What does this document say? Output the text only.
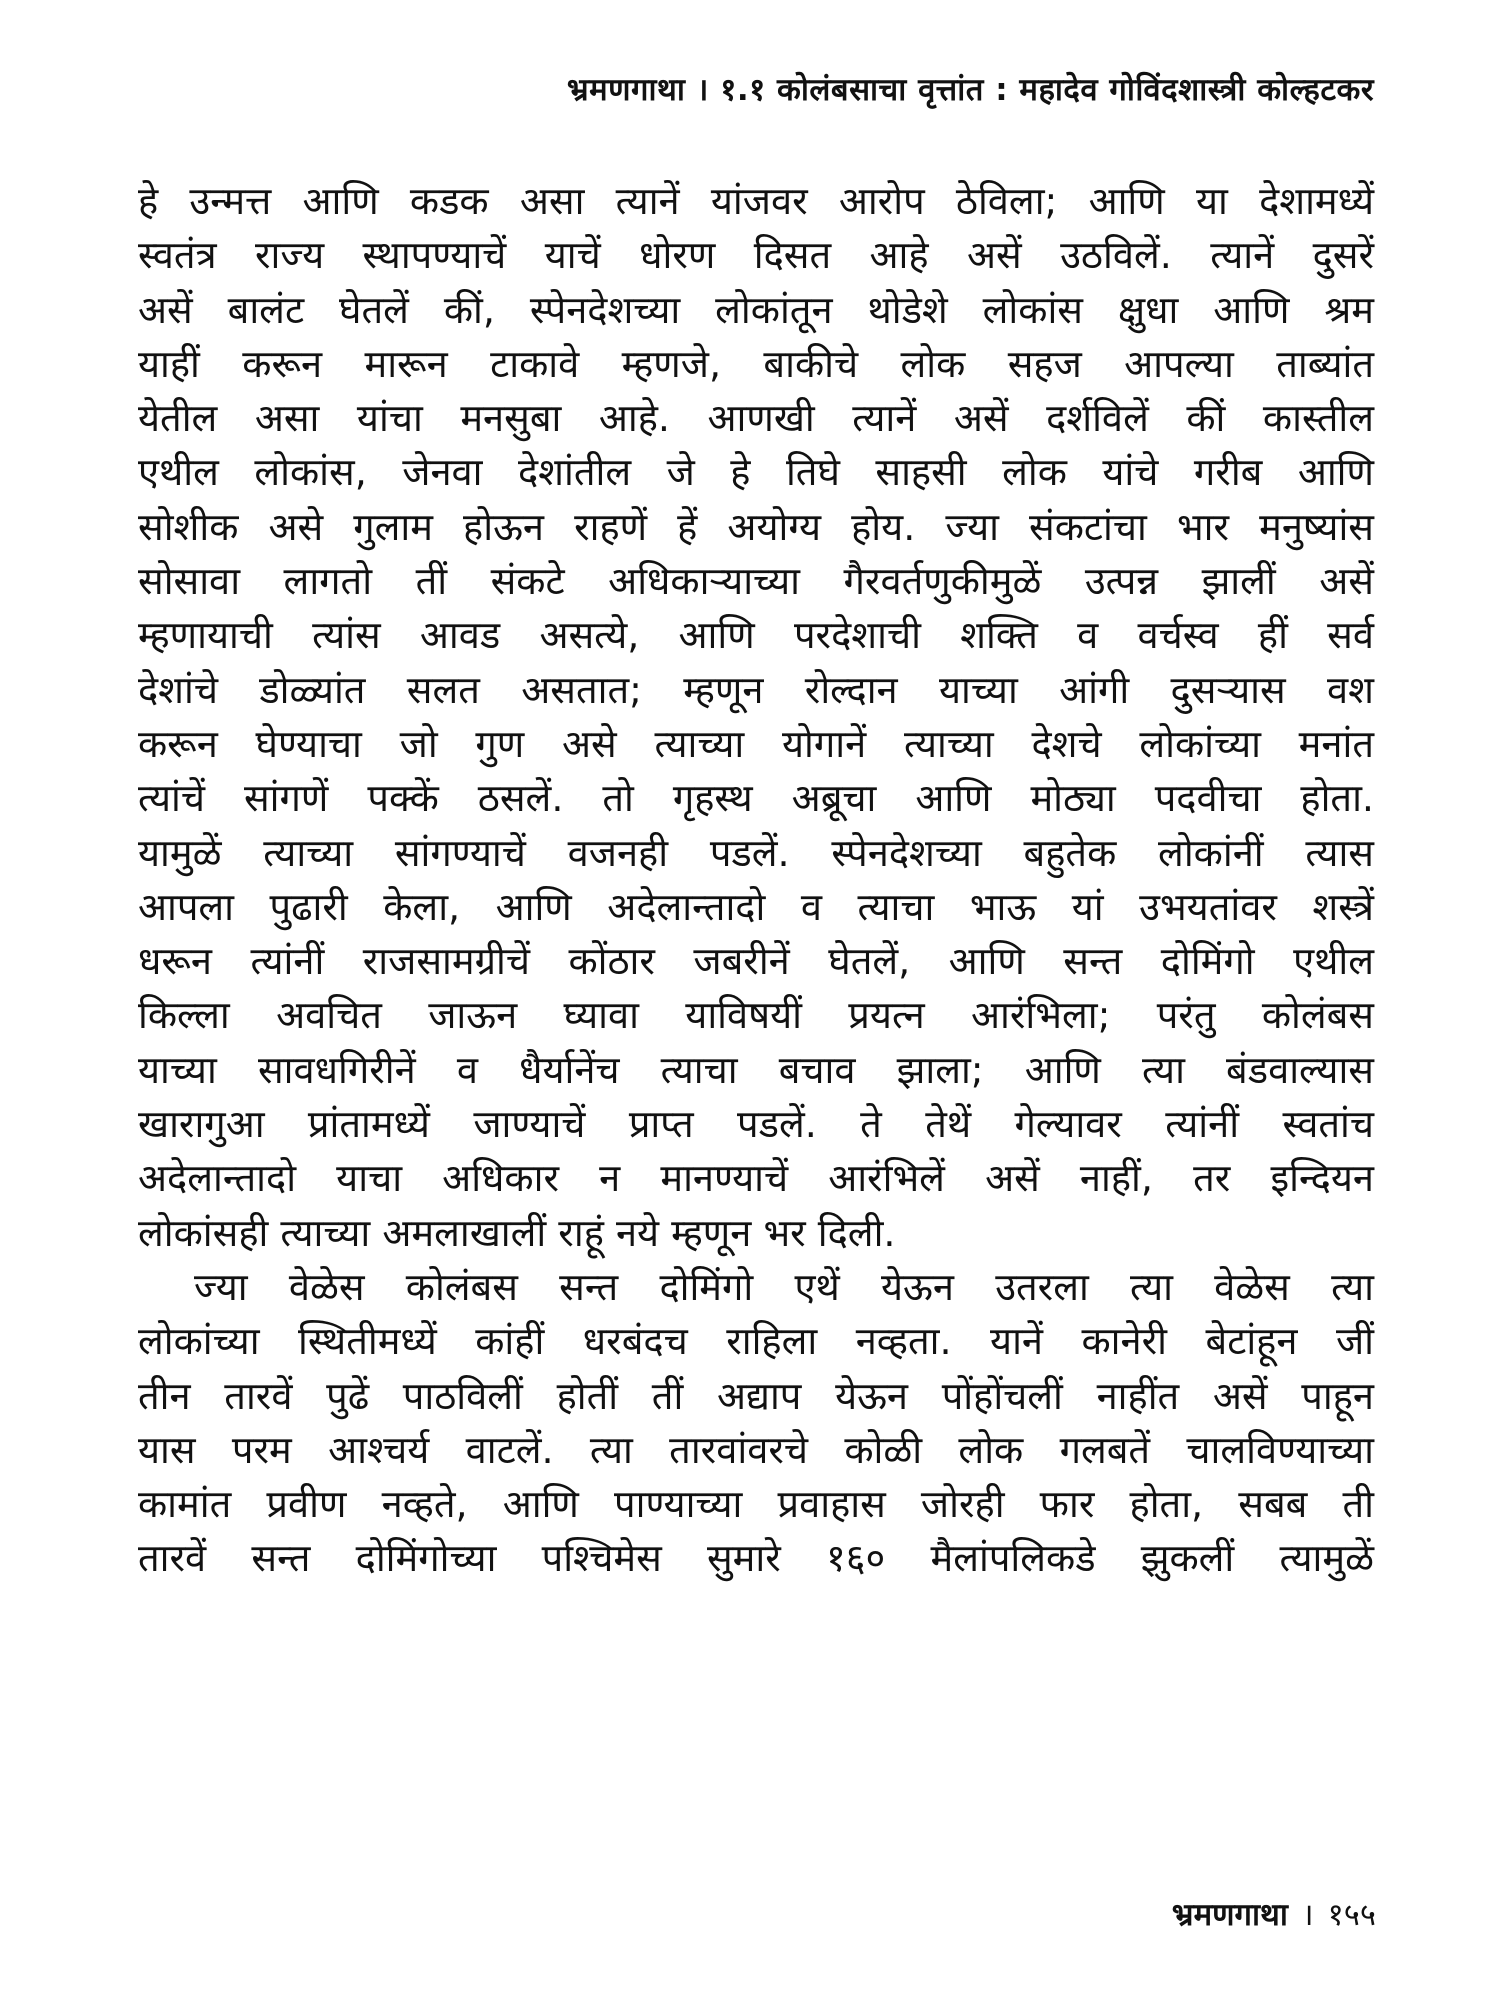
भ्रमणगाथा । १.१ कोलंबसाचा वृत्तांत : महादेव गोविंदशास्त्री कोल्हटकर
हे उन्मत्त आणि कडक असा त्यानें यांजवर आरोप ठेविला; आणि या देशामध्यें
स्वतंत्र राज्य स्थापण्याचें याचें धोरण दिसत आहे असें उठविलें. त्यानें दुसरें
असें बालंट घेतलें कीं, स्पेनदेशच्या लोकांतून थोडेशे लोकांस क्षुधा आणि श्रम
याहीं करून मारून टाकावे म्हणजे, बाकीचे लोक सहज आपल्या ताब्यांत
येतील असा यांचा मनसुबा आहे. आणखी त्यानें असें दर्शविलें कीं कास्तील
एथील लोकांस, जेनवा देशांतील जे हे तिघे साहसी लोक यांचे गरीब आणि
सोशीक असे गुलाम होऊन राहणें हें अयोग्य होय. ज्या संकटांचा भार मनुष्यांस
सोसावा लागतो तीं संकटे अधिकाऱ्याच्या गैरवर्तणुकीमुळें उत्पन्न झालीं असें
म्हणायाची त्यांस आवड असत्ये, आणि परदेशाची शक्ति व वर्चस्व हीं सर्व
देशांचे डोळ्यांत सलत असतात; म्हणून रोल्दान याच्या आंगी दुसऱ्यास वश
करून घेण्याचा जो गुण असे त्याच्या योगानें त्याच्या देशचे लोकांच्या मनांत
त्यांचें सांगणें पक्कें ठसलें. तो गृहस्थ अब्रूचा आणि मोठ्या पदवीचा होता.
यामुळें त्याच्या सांगण्याचें वजनही पडलें. स्पेनदेशच्या बहुतेक लोकांनीं त्यास
आपला पुढारी केला, आणि अदेलान्तादो व त्याचा भाऊ यां उभयतांवर शस्त्रें
धरून त्यांनीं राजसामग्रीचें कोंठार जबरीनें घेतलें, आणि सन्त दोमिंगो एथील
किल्ला अवचित जाऊन घ्यावा याविषयीं प्रयत्न आरंभिला; परंतु कोलंबस
याच्या सावधगिरीनें व धैर्यानेंच त्याचा बचाव झाला; आणि त्या बंडवाल्यास
खारागुआ प्रांतामध्यें जाण्याचें प्राप्त पडलें. ते तेथें गेल्यावर त्यांनीं स्वतांच
अदेलान्तादो याचा अधिकार न मानण्याचें आरंभिलें असें नाहीं, तर इन्दियन
लोकांसही त्याच्या अमलाखालीं राहूं नये म्हणून भर दिली.
ज्या वेळेस कोलंबस सन्त दोमिंगो एथें येऊन उतरला त्या वेळेस त्या
लोकांच्या स्थितीमध्यें कांहीं धरबंदच राहिला नव्हता. यानें कानेरी बेटांहून जीं
तीन तारवें पुढें पाठविलीं होतीं तीं अद्याप येऊन पोंहोंचलीं नाहींत असें पाहून
यास परम आश्चर्य वाटलें. त्या तारवांवरचे कोळी लोक गलबतें चालविण्याच्या
कामांत प्रवीण नव्हते, आणि पाण्याच्या प्रवाहास जोरही फार होता, सबब ती
तारवें सन्त दोमिंगोच्या पश्चिमेस सुमारे १६० मैलांपलिकडे झुकलीं त्यामुळें
भ्रमणगाथा । १५५
